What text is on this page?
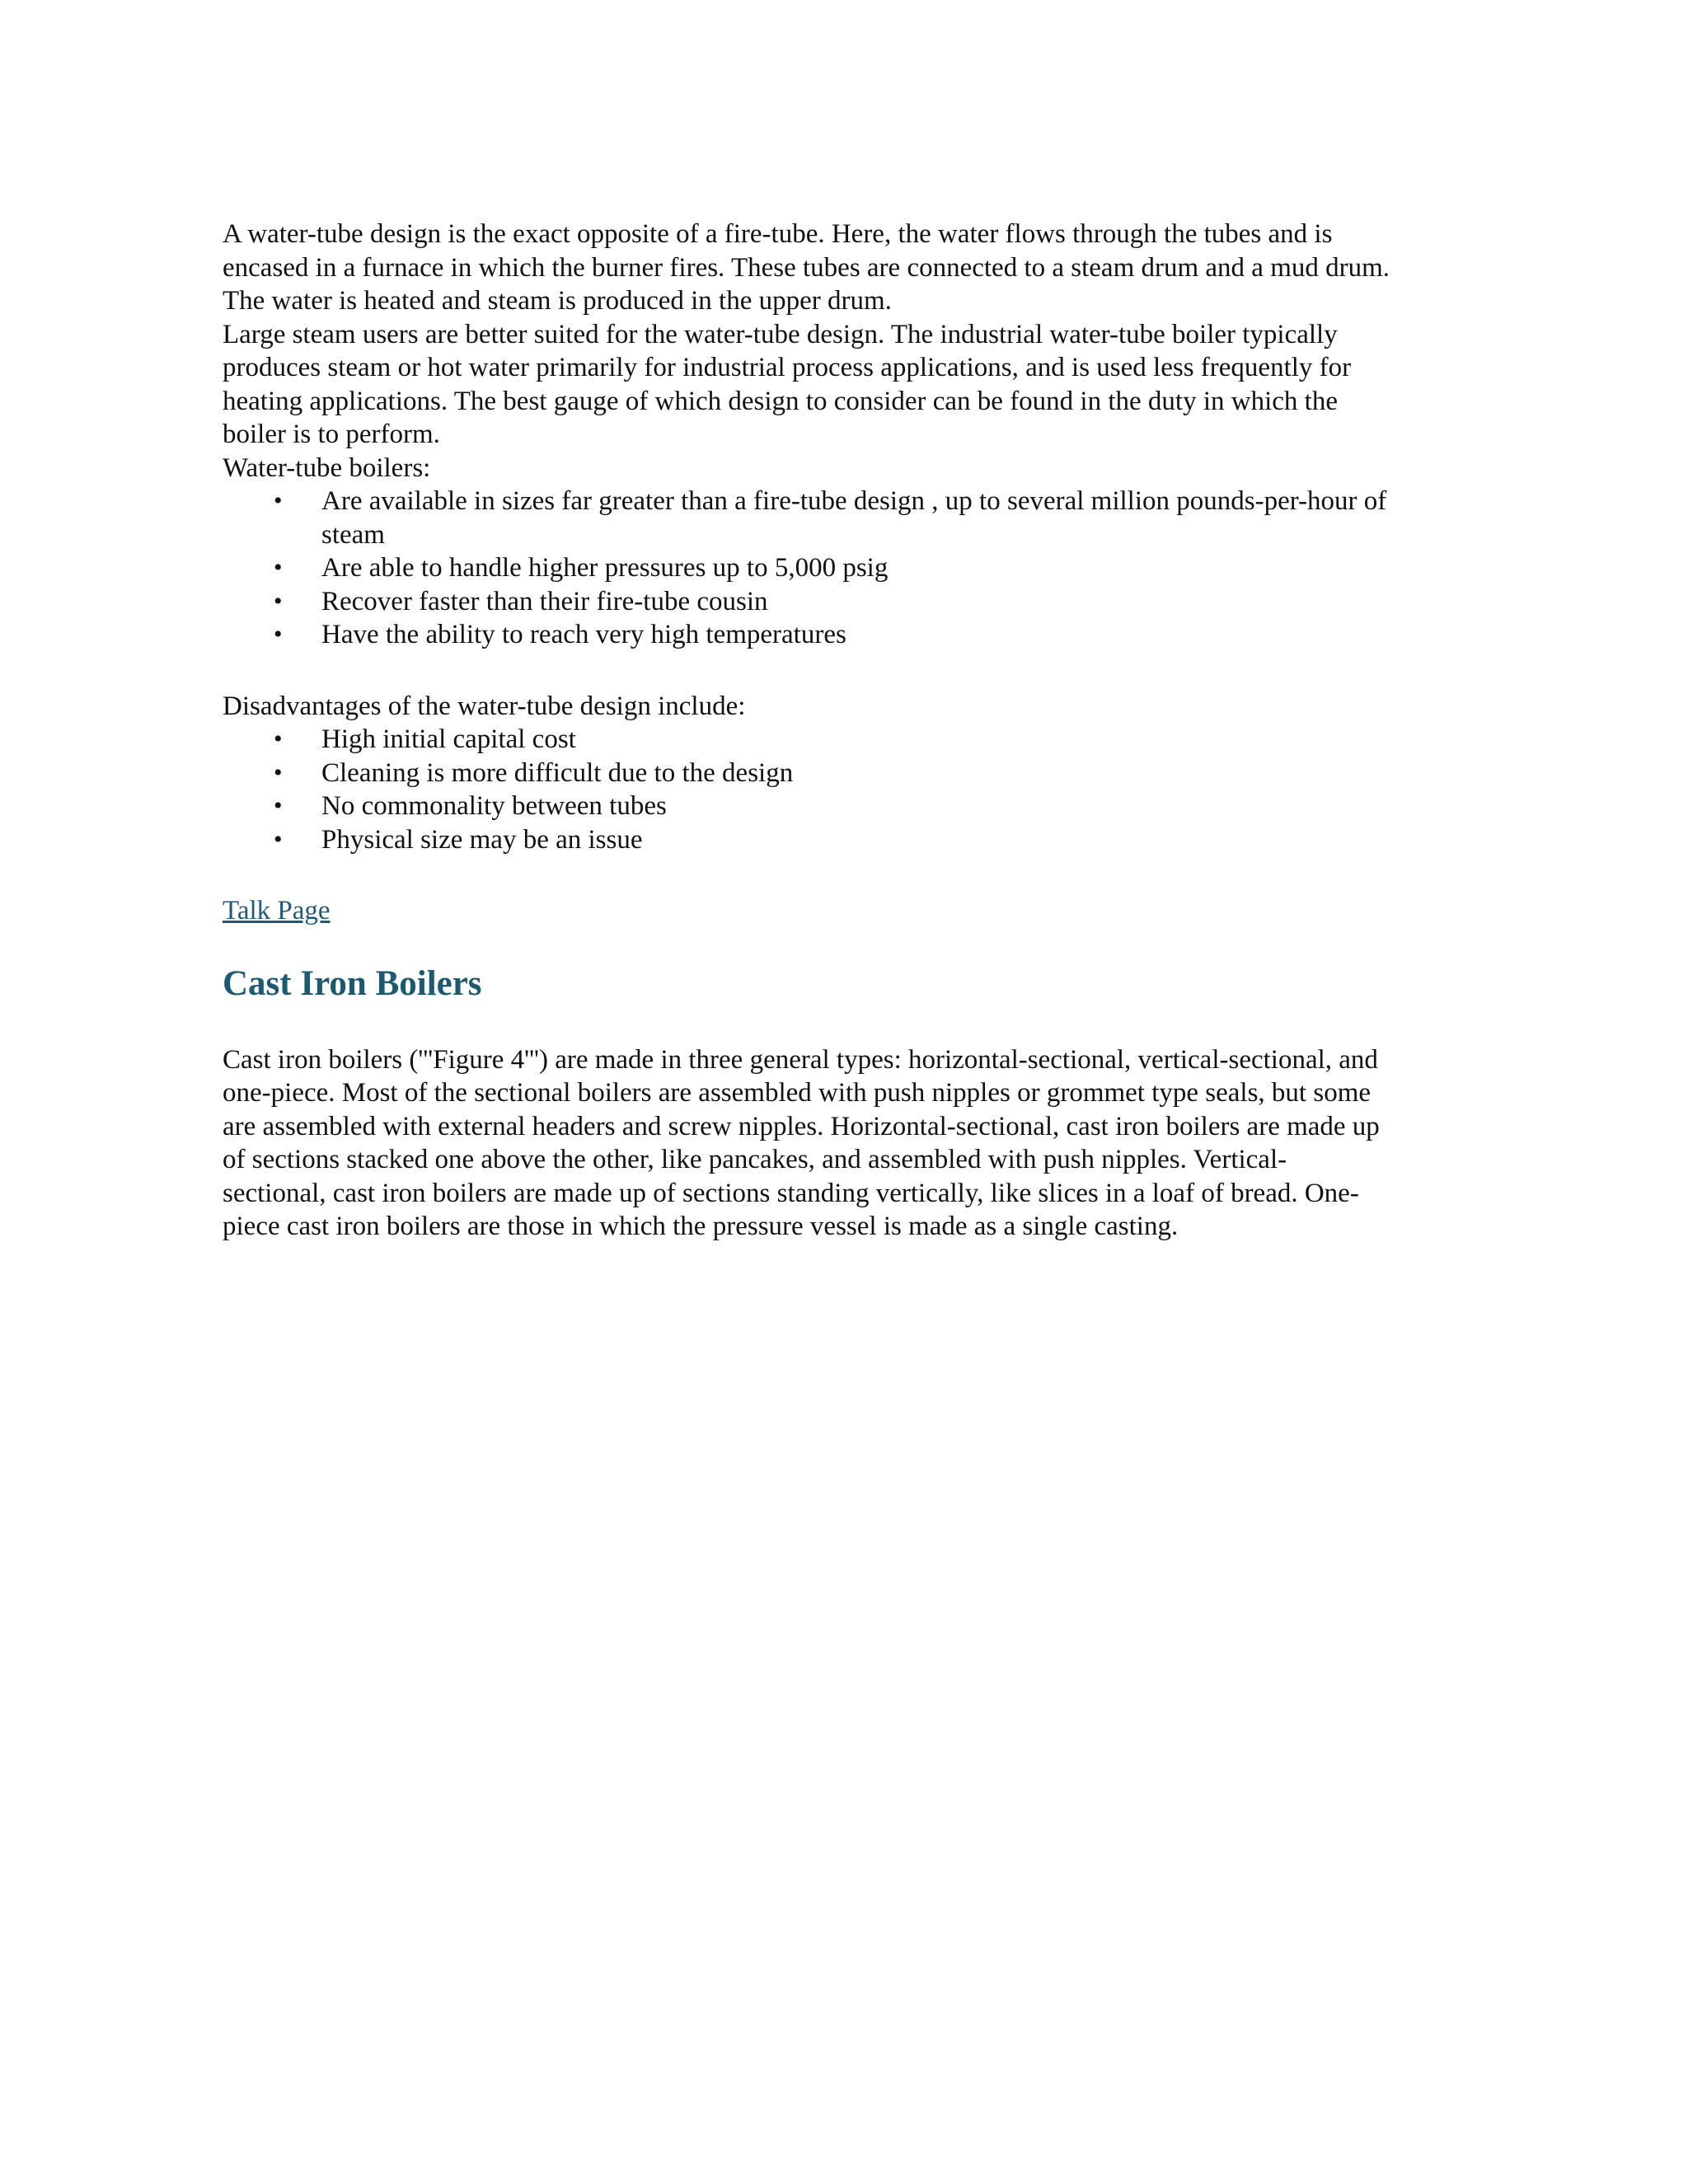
A water-tube design is the exact opposite of a fire-tube. Here, the water flows through the tubes and is
encased in a furnace in which the burner fires. These tubes are connected to a steam drum and a mud drum.
The water is heated and steam is produced in the upper drum.
Large steam users are better suited for the water-tube design. The industrial water-tube boiler typically
produces steam or hot water primarily for industrial process applications, and is used less frequently for
heating applications. The best gauge of which design to consider can be found in the duty in which the
boiler is to perform.
Water-tube boilers:

• Are available in sizes far greater than a fire-tube design , up to several million pounds-per-hour of
steam
• Are able to handle higher pressures up to 5,000 psig
• Recover faster than their fire-tube cousin
• Have the ability to reach very high temperatures

Disadvantages of the water-tube design include:

• High initial capital cost
• Cleaning is more difficult due to the design
• No commonality between tubes
• Physical size may be an issue
Talk Page
Cast Iron Boilers

Cast iron boilers ('''Figure 4''') are made in three general types: horizontal-sectional, vertical-sectional, and
one-piece. Most of the sectional boilers are assembled with push nipples or grommet type seals, but some
are assembled with external headers and screw nipples. Horizontal-sectional, cast iron boilers are made up
of sections stacked one above the other, like pancakes, and assembled with push nipples. Vertical-
sectional, cast iron boilers are made up of sections standing vertically, like slices in a loaf of bread. One-
piece cast iron boilers are those in which the pressure vessel is made as a single casting.
